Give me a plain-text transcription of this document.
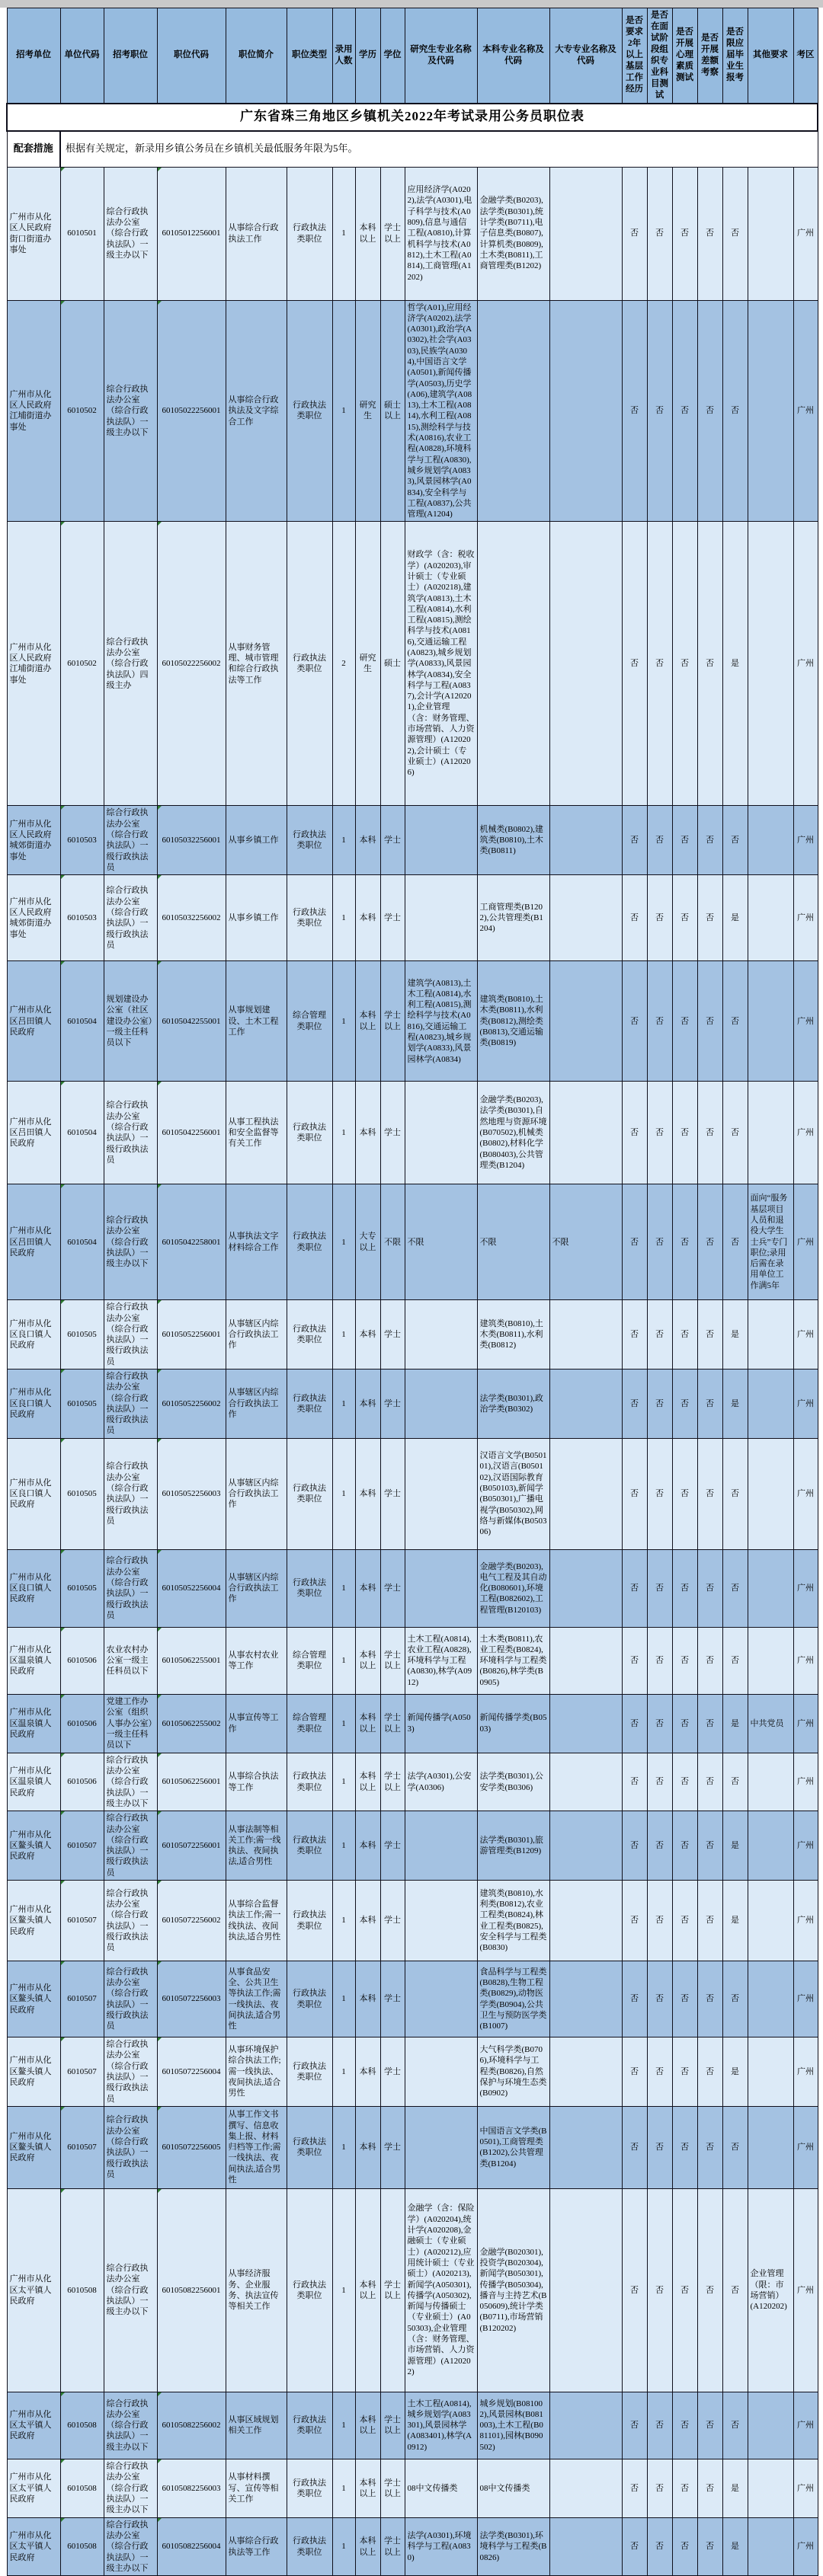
广东省珠三角地区乡镇机关2022年考试录用公务员职位表																		
配套措施	根据有关规定，新录用乡镇公务员在乡镇机关最低服务年限为5年。																	
招考单位	单位代码	招考职位	职位代码	职位简介	职位类型	录用人数	学历	学位	研究生专业名称及代码	本科专业名称及代码	大专专业名称及代码	是否要求2年以上基层工作经历	是否在面试阶段组织专业科目测试	是否开展心理素质测试	是否开展差额考察	是否限应届毕业生报考	其他要求	考区
广州市从化区人民政府街口街道办事处	6010501	综合行政执法办公室（综合行政执法队）一级主办以下	60105012256001	从事综合行政执法工作	行政执法类职位	1	本科以上	学士以上	应用经济学(A0202),法学(A0301),电子科学与技术(A0809),信息与通信工程(A0810),计算机科学与技术(A0812),土木工程(A0814),工商管理(A1202)	金融学类(B0203),法学类(B0301),统计学类(B0711),电子信息类(B0807),计算机类(B0809),土木类(B0811),工商管理类(B1202)		否	否	否	否	否		广州
广州市从化区人民政府江埔街道办事处	6010502	综合行政执法办公室（综合行政执法队）一级主办以下	60105022256001	从事综合行政执法及文字综合工作	行政执法类职位	1	研究生	硕士以上	哲学(A01),应用经济学(A0202),法学(A0301),政治学(A0302),社会学(A0303),民族学(A0304),中国语言文学(A0501),新闻传播学(A0503),历史学(A06),建筑学(A0813),土木工程(A0814),水利工程(A0815),测绘科学与技术(A0816),农业工程(A0828),环境科学与工程(A0830),城乡规划学(A0833),风景园林学(A0834),安全科学与工程(A0837),公共管理(A1204)			否	否	否	否	否		广州
广州市从化区人民政府江埔街道办事处	6010502	综合行政执法办公室（综合行政执法队）四级主办	60105022256002	从事财务管理、城市管理和综合行政执法等工作	行政执法类职位	2	研究生	硕士	财政学（含：税收学）(A020203),审计硕士（专业硕士）(A020218),建筑学(A0813),土木工程(A0814),水利工程(A0815),测绘科学与技术(A0816),交通运输工程(A0823),城乡规划学(A0833),风景园林学(A0834),安全科学与工程(A0837),会计学(A120201),企业管理（含：财务管理、市场营销、人力资源管理）(A120202),会计硕士（专业硕士）(A120206)			否	否	否	否	是		广州
广州市从化区人民政府城郊街道办事处	6010503	综合行政执法办公室（综合行政执法队）一级行政执法员	60105032256001	从事乡镇工作	行政执法类职位	1	本科	学士		机械类(B0802),建筑类(B0810),土木类(B0811)		否	否	否	否	否		广州
广州市从化区人民政府城郊街道办事处	6010503	综合行政执法办公室（综合行政执法队）一级行政执法员	60105032256002	从事乡镇工作	行政执法类职位	1	本科	学士		工商管理类(B1202),公共管理类(B1204)		否	否	否	否	是		广州
广州市从化区吕田镇人民政府	6010504	规划建设办公室（社区建设办公室）一级主任科员以下	60105042255001	从事规划建设、土木工程工作	综合管理类职位	1	本科以上	学士以上	建筑学(A0813),土木工程(A0814),水利工程(A0815),测绘科学与技术(A0816),交通运输工程(A0823),城乡规划学(A0833),风景园林学(A0834)	建筑类(B0810),土木类(B0811),水利类(B0812),测绘类(B0813),交通运输类(B0819)		否	否	否	否	否		广州
广州市从化区吕田镇人民政府	6010504	综合行政执法办公室（综合行政执法队）一级行政执法员	60105042256001	从事工程执法和安全监督等有关工作	行政执法类职位	1	本科	学士		金融学类(B0203),法学类(B0301),自然地理与资源环境(B070502),机械类(B0802),材料化学(B080403),公共管理类(B1204)		否	否	否	否	否		广州
广州市从化区吕田镇人民政府	6010504	综合行政执法办公室（综合行政执法队）一级主办以下	60105042258001	从事执法文字材料综合工作	行政执法类职位	1	大专以上	不限	不限	不限	不限	否	否	否	否	否	面向“服务基层项目人员和退役大学生士兵”专门职位;录用后需在录用单位工作满5年	广州
广州市从化区良口镇人民政府	6010505	综合行政执法办公室（综合行政执法队）一级行政执法员	60105052256001	从事辖区内综合行政执法工作	行政执法类职位	1	本科	学士		建筑类(B0810),土木类(B0811),水利类(B0812)		否	否	否	否	是		广州
广州市从化区良口镇人民政府	6010505	综合行政执法办公室（综合行政执法队）一级行政执法员	60105052256002	从事辖区内综合行政执法工作	行政执法类职位	1	本科	学士		法学类(B0301),政治学类(B0302)		否	否	否	否	是		广州
广州市从化区良口镇人民政府	6010505	综合行政执法办公室（综合行政执法队）一级行政执法员	60105052256003	从事辖区内综合行政执法工作	行政执法类职位	1	本科	学士		汉语言文学(B050101),汉语言(B050102),汉语国际教育(B050103),新闻学(B050301),广播电视学(B050302),网络与新媒体(B050306)		否	否	否	否	否		广州
广州市从化区良口镇人民政府	6010505	综合行政执法办公室（综合行政执法队）一级行政执法员	60105052256004	从事辖区内综合行政执法工作	行政执法类职位	1	本科	学士		金融学类(B0203),电气工程及其自动化(B080601),环境工程(B082602),工程管理(B120103)		否	否	否	否	否		广州
广州市从化区温泉镇人民政府	6010506	农业农村办公室一级主任科员以下	60105062255001	从事农村农业等工作	综合管理类职位	1	本科以上	学士以上	土木工程(A0814),农业工程(A0828),环境科学与工程(A0830),林学(A0912)	土木类(B0811),农业工程类(B0824),环境科学与工程类(B0826),林学类(B0905)		否	否	否	否	否		广州
广州市从化区温泉镇人民政府	6010506	党建工作办公室（组织人事办公室）一级主任科员以下	60105062255002	从事宣传等工作	综合管理类职位	1	本科以上	学士以上	新闻传播学(A0503)	新闻传播学类(B0503)		否	否	否	否	是	中共党员	广州
广州市从化区温泉镇人民政府	6010506	综合行政执法办公室（综合行政执法队）一级主办以下	60105062256001	从事综合执法等工作	行政执法类职位	1	本科以上	学士以上	法学(A0301),公安学(A0306)	法学类(B0301),公安学类(B0306)		否	否	否	否	否		广州
广州市从化区鳌头镇人民政府	6010507	综合行政执法办公室（综合行政执法队）一级行政执法员	60105072256001	从事法制等相关工作;需一线执法、夜间执法,适合男性	行政执法类职位	1	本科	学士		法学类(B0301),旅游管理类(B1209)		否	否	否	否	是		广州
广州市从化区鳌头镇人民政府	6010507	综合行政执法办公室（综合行政执法队）一级行政执法员	60105072256002	从事综合监督执法工作;需一线执法、夜间执法,适合男性	行政执法类职位	1	本科	学士		建筑类(B0810),水利类(B0812),农业工程类(B0824),林业工程类(B0825),安全科学与工程类(B0830)		否	否	否	否	是		广州
广州市从化区鳌头镇人民政府	6010507	综合行政执法办公室（综合行政执法队）一级行政执法员	60105072256003	从事食品安全、公共卫生等执法工作;需一线执法、夜间执法,适合男性	行政执法类职位	1	本科	学士		食品科学与工程类(B0828),生物工程类(B0829),动物医学类(B0904),公共卫生与预防医学类(B1007)		否	否	否	否	否		广州
广州市从化区鳌头镇人民政府	6010507	综合行政执法办公室（综合行政执法队）一级行政执法员	60105072256004	从事环境保护综合执法工作;需一线执法、夜间执法,适合男性	行政执法类职位	1	本科	学士		大气科学类(B0706),环境科学与工程类(B0826),自然保护与环境生态类(B0902)		否	否	否	否	是		广州
广州市从化区鳌头镇人民政府	6010507	综合行政执法办公室（综合行政执法队）一级行政执法员	60105072256005	从事工作文书撰写、信息收集上报、材料归档等工作;需一线执法、夜间执法,适合男性	行政执法类职位	1	本科	学士		中国语言文学类(B0501),工商管理类(B1202),公共管理类(B1204)		否	否	否	否	否		广州
广州市从化区太平镇人民政府	6010508	综合行政执法办公室（综合行政执法队）一级主办以下	60105082256001	从事经济服务、企业服务、执法宣传等相关工作	行政执法类职位	1	本科以上	学士以上	金融学（含：保险学）(A020204),统计学(A020208),金融硕士（专业硕士）(A020212),应用统计硕士（专业硕士）(A020213),新闻学(A050301),传播学(A050302),新闻与传播硕士（专业硕士）(A050303),企业管理（含：财务管理、市场营销、人力资源管理）(A120202)	金融学(B020301),投资学(B020304),新闻学(B050301),传播学(B050304),播音与主持艺术(B050609),统计学类(B0711),市场营销(B120202)		否	否	否	否	否	企业管理（限：市场营销）(A120202)	广州
广州市从化区太平镇人民政府	6010508	综合行政执法办公室（综合行政执法队）一级主办以下	60105082256002	从事区域规划相关工作	行政执法类职位	1	本科以上	学士以上	土木工程(A0814),城乡规划学(A083301),风景园林学(A083401),林学(A0912)	城乡规划(B081002),风景园林(B081003),土木工程(B081101),园林(B090502)		否	否	否	否	否		广州
广州市从化区太平镇人民政府	6010508	综合行政执法办公室（综合行政执法队）一级主办以下	60105082256003	从事材料撰写、宣传等相关工作	行政执法类职位	1	本科以上	学士以上	08中文传播类	08中文传播类		否	否	否	否	是		广州
广州市从化区太平镇人民政府	6010508	综合行政执法办公室（综合行政执法队）一级主办以下	60105082256004	从事综合行政执法等工作	行政执法类职位	1	本科以上	学士以上	法学(A0301),环境科学与工程(A0830)	法学类(B0301),环境科学与工程类(B0826)		否	否	否	否	是		广州
